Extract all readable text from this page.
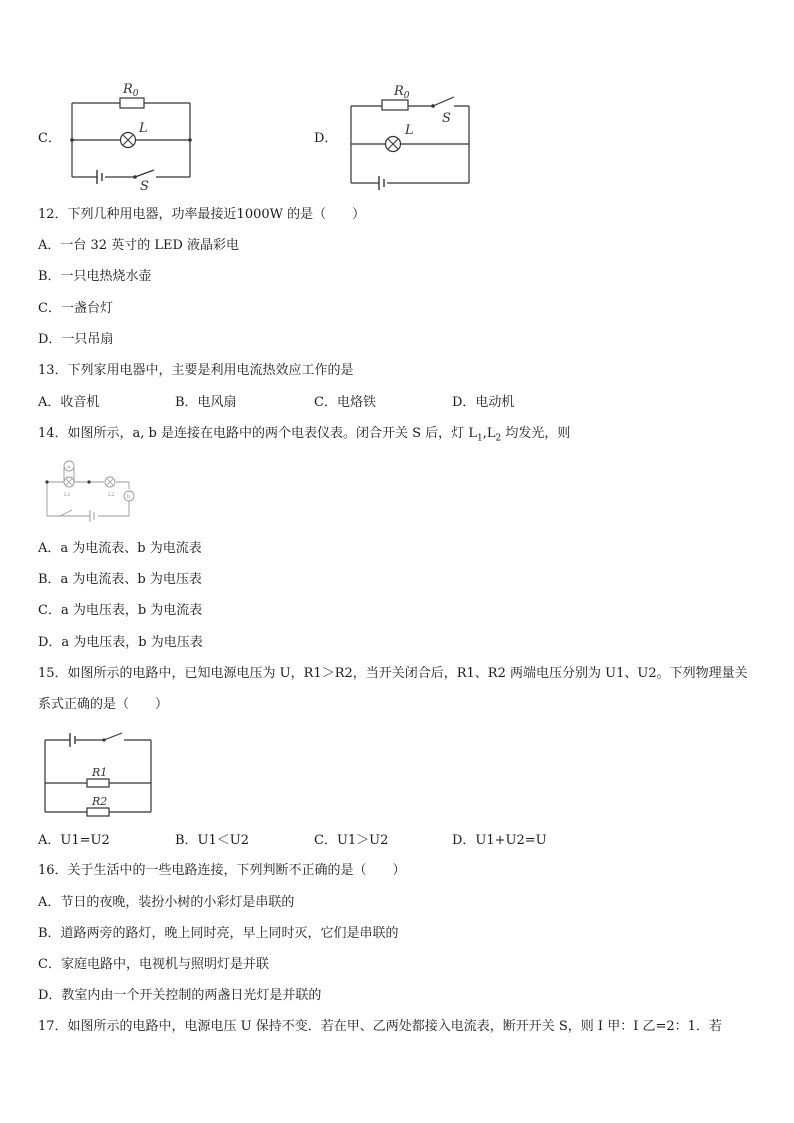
C．
$R_0$
L
S
D．
$R_0$
S
L
12．下列几种用电器，功率最接近1000W 的是（　　）
A．一台 32 英寸的 LED 液晶彩电
B．一只电热烧水壶
C．一盏台灯
D．一只吊扇
13．下列家用电器中，主要是利用电流热效应工作的是
A．收音机	B．电风扇	C．电烙铁	D．电动机
14．如图所示，a, b 是连接在电路中的两个电表仪表。闭合开关 S 后，灯 $L_1,L_2$ 均发光，则
a
b
L1	L2
A．a 为电流表、b 为电流表
B．a 为电流表、b 为电压表
C．a 为电压表，b 为电流表
D．a 为电压表，b 为电压表
15．如图所示的电路中，已知电源电压为 U，R1＞R2，当开关闭合后，R1、R2 两端电压分别为 U1、U2。下列物理量关
系式正确的是（　　）
R1
R2
A．U1=U2	B．U1＜U2	C．U1＞U2	D．U1+U2=U
16．关于生活中的一些电路连接，下列判断不正确的是（　　）
A．节日的夜晚，装扮小树的小彩灯是串联的
B．道路两旁的路灯，晚上同时亮，早上同时灭，它们是串联的
C．家庭电路中，电视机与照明灯是并联
D．教室内由一个开关控制的两盏日光灯是并联的
17．如图所示的电路中，电源电压 U 保持不变．若在甲、乙两处都接入电流表，断开开关 S，则 I 甲：I 乙=2：1．若
